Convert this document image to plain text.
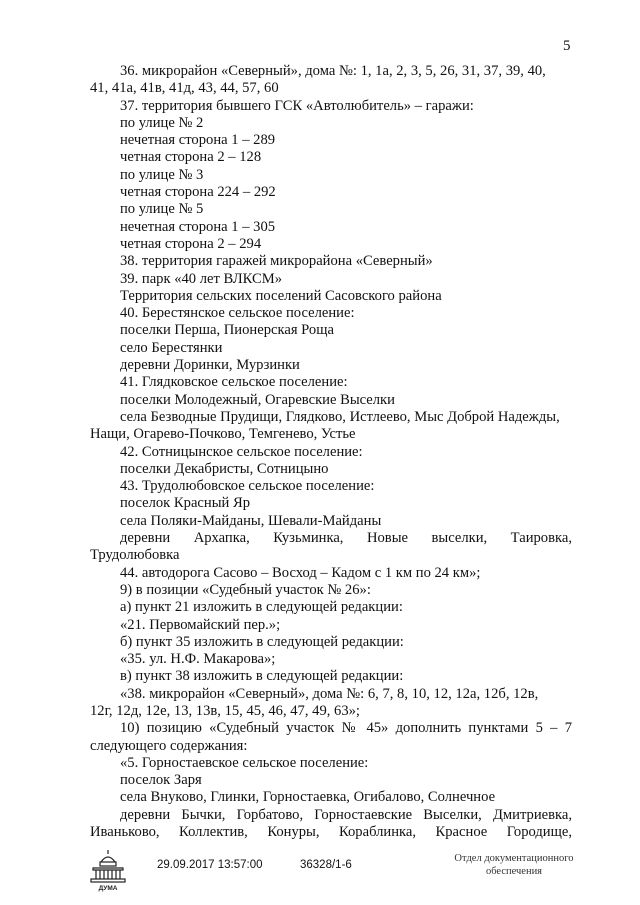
5
36. микрорайон «Северный», дома №: 1, 1а, 2, 3, 5, 26, 31, 37, 39, 40,
41, 41а, 41в, 41д, 43, 44, 57, 60
37. территория бывшего ГСК «Автолюбитель» – гаражи:
по улице № 2
нечетная сторона 1 – 289
четная сторона 2 – 128
по улице № 3
четная сторона 224 – 292
по улице № 5
нечетная сторона 1 – 305
четная сторона 2 – 294
38. территория гаражей микрорайона «Северный»
39. парк «40 лет ВЛКСМ»
Территория сельских поселений Сасовского района
40. Берестянское сельское поселение:
поселки Перша, Пионерская Роща
село Берестянки
деревни Доринки, Мурзинки
41. Глядковское сельское поселение:
поселки Молодежный, Огаревские Выселки
села Безводные Прудищи, Глядково, Истлеево, Мыс Доброй Надежды,
Нащи, Огарево-Почково, Темгенево, Устье
42. Сотницынское сельское поселение:
поселки Декабристы, Сотницыно
43. Трудолюбовское сельское поселение:
поселок Красный Яр
села Поляки-Майданы, Шевали-Майданы
деревни Архапка, Кузьминка, Новые выселки, Таировка,
Трудолюбовка
44. автодорога Сасово – Восход – Кадом с 1 км по 24 км»;
9) в позиции «Судебный участок № 26»:
а) пункт 21 изложить в следующей редакции:
«21. Первомайский пер.»;
б) пункт 35 изложить в следующей редакции:
«35. ул. Н.Ф. Макарова»;
в) пункт 38 изложить в следующей редакции:
«38. микрорайон «Северный», дома №: 6, 7, 8, 10, 12, 12а, 12б, 12в,
12г, 12д, 12е, 13, 13в, 15, 45, 46, 47, 49, 63»;
10) позицию «Судебный участок № 45» дополнить пунктами 5 – 7
следующего содержания:
«5. Горностаевское сельское поселение:
поселок Заря
села Внуково, Глинки, Горностаевка, Огибалово, Солнечное
деревни Бычки, Горбатово, Горностаевские Выселки, Дмитриевка,
Иваньково, Коллектив, Конуры, Кораблинка, Красное Городище,
ДУМА
29.09.2017 13:57:00	36328/1-6
Отдел документационного
обеспечения
